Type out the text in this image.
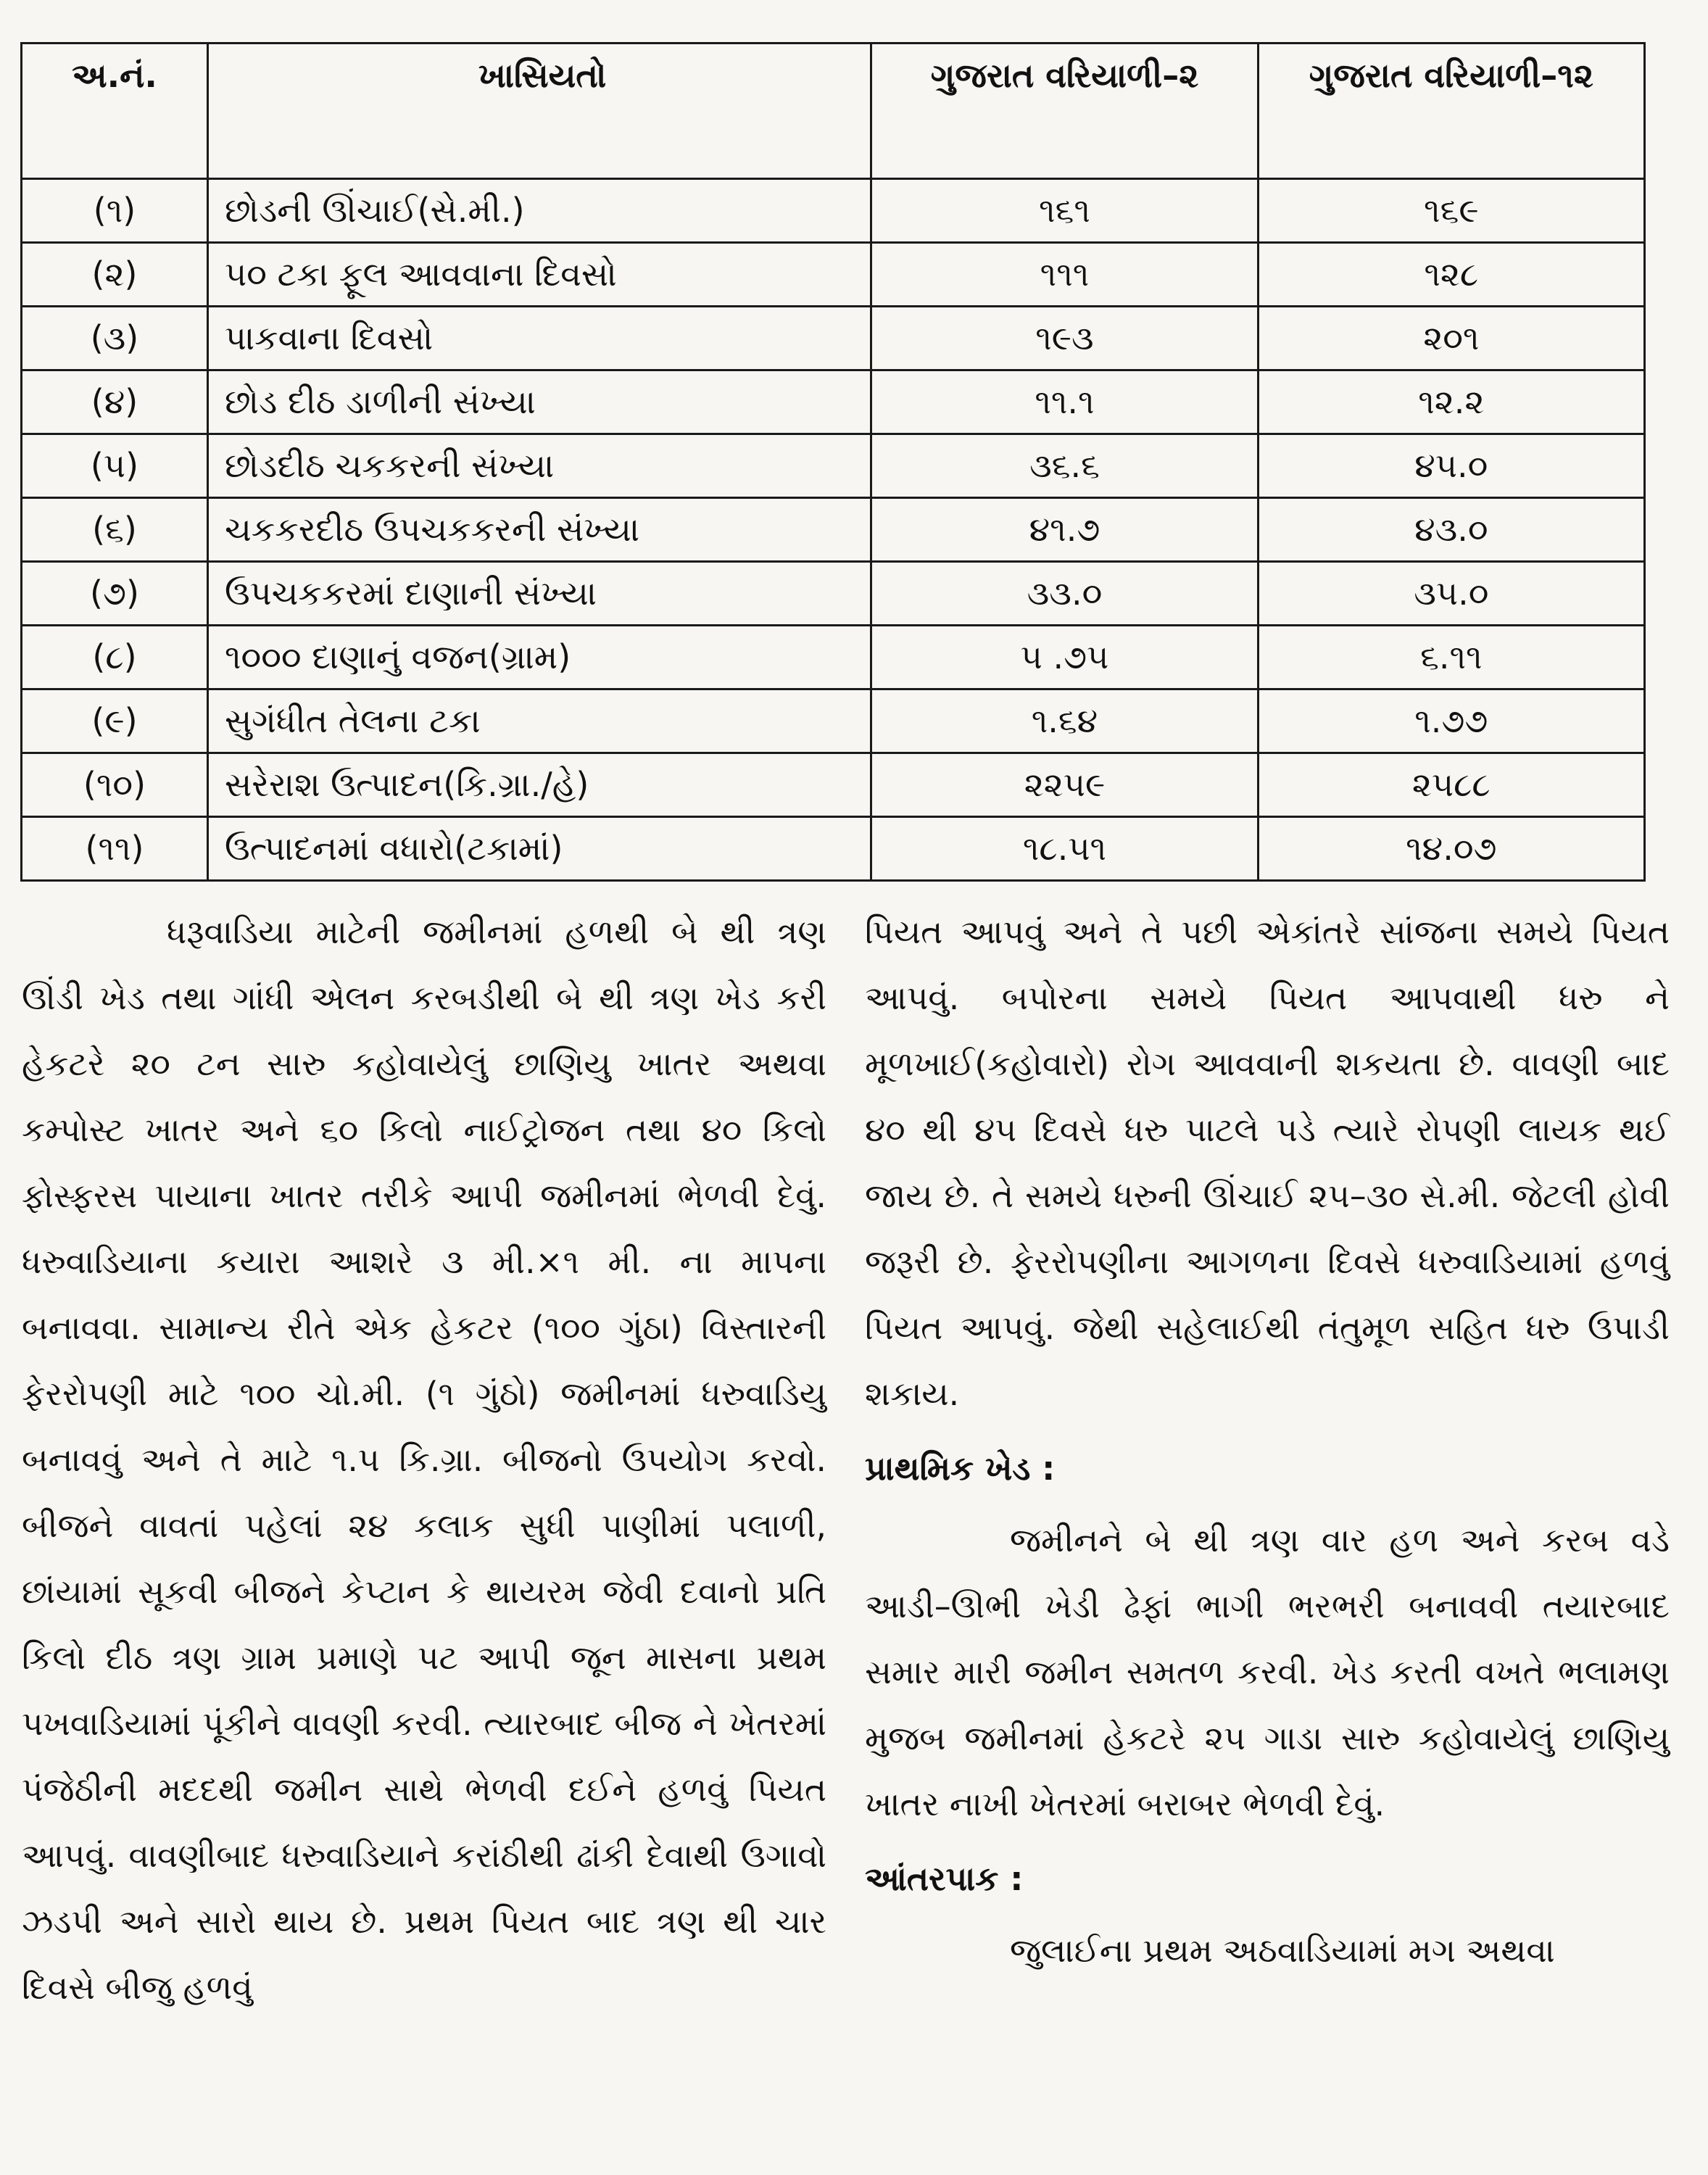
અ.નં.	ખાસિયતો	ગુજરાત વરિયાળી–૨	ગુજરાત વરિયાળી–૧૨
(૧)	છોડની ઊંચાઈ(સે.મી.)	૧૬૧	૧૬૯
(૨)	૫૦ ટકા ફૂલ આવવાના દિવસો	૧૧૧	૧૨૮
(૩)	પાકવાના દિવસો	૧૯૩	૨૦૧
(૪)	છોડ દીઠ ડાળીની સંખ્યા	૧૧.૧	૧૨.૨
(૫)	છોડદીઠ ચકકરની સંખ્યા	૩૬.૬	૪૫.૦
(૬)	ચકકરદીઠ ઉપચકકરની સંખ્યા	૪૧.૭	૪૩.૦
(૭)	ઉપચકકરમાં દાણાની સંખ્યા	૩૩.૦	૩૫.૦
(૮)	૧૦૦૦ દાણાનું વજન(ગ્રામ)	૫ .૭૫	૬.૧૧
(૯)	સુગંધીત તેલના ટકા	૧.૬૪	૧.૭૭
(૧૦)	સરેરાશ ઉત્પાદન(કિ.ગ્રા./હે)	૨૨૫૯	૨૫૮૮
(૧૧)	ઉત્પાદનમાં વધારો(ટકામાં)	૧૮.૫૧	૧૪.૦૭

ધરૂવાડિયા માટેની જમીનમાં હળથી બે થી ત્રણ ઊંડી ખેડ તથા ગાંધી એલન કરબડીથી બે થી ત્રણ ખેડ કરી હેકટરે ૨૦ ટન સારુ કહોવાયેલું છાણિયુ ખાતર અથવા કમ્પોસ્ટ ખાતર અને ૬૦ કિલો નાઈટ્રોજન તથા ૪૦ કિલો ફોસ્ફરસ પાયાના ખાતર તરીકે આપી જમીનમાં ભેળવી દેવું. ધરુવાડિયાના કયારા આશરે ૩ મી.×૧ મી. ના માપના બનાવવા. સામાન્ય રીતે એક હેકટર (૧૦૦ ગુંઠા) વિસ્તારની ફેરરોપણી માટે ૧૦૦ ચો.મી. (૧ ગુંઠો) જમીનમાં ધરુવાડિયુ બનાવવું અને તે માટે ૧.૫ કિ.ગ્રા. બીજનો ઉપયોગ કરવો. બીજને વાવતાં પહેલાં ૨૪ કલાક સુધી પાણીમાં પલાળી, છાંયામાં સૂકવી બીજને કેપ્ટાન કે થાયરમ જેવી દવાનો પ્રતિ કિલો દીઠ ત્રણ ગ્રામ પ્રમાણે પટ આપી જૂન માસના પ્રથમ પખવાડિયામાં પૂંકીને વાવણી કરવી. ત્યારબાદ બીજ ને ખેતરમાં પંજેઠીની મદદથી જમીન સાથે ભેળવી દઈને હળવું પિયત આપવું. વાવણીબાદ ધરુવાડિયાને કરાંઠીથી ઢાંકી દેવાથી ઉગાવો ઝડપી અને સારો થાય છે. પ્રથમ પિયત બાદ ત્રણ થી ચાર દિવસે બીજુ હળવું

પિયત આપવું અને તે પછી એકાંતરે સાંજના સમયે પિયત આપવું. બપોરના સમયે પિયત આપવાથી ધરુ ને મૂળખાઈ(કહોવારો) રોગ આવવાની શકયતા છે. વાવણી બાદ ૪૦ થી ૪૫ દિવસે ધરુ પાટલે પડે ત્યારે રોપણી લાયક થઈ જાય છે. તે સમયે ધરુની ઊંચાઈ ૨૫–૩૦ સે.મી. જેટલી હોવી જરૂરી છે. ફેરરોપણીના આગળના દિવસે ધરુવાડિયામાં હળવું પિયત આપવું. જેથી સહેલાઈથી તંતુમૂળ સહિત ધરુ ઉપાડી શકાય.

પ્રાથમિક ખેડ :

જમીનને બે થી ત્રણ વાર હળ અને કરબ વડે આડી–ઊભી ખેડી ઢેફાં ભાગી ભરભરી બનાવવી તયારબાદ સમાર મારી જમીન સમતળ કરવી. ખેડ કરતી વખતે ભલામણ મુજબ જમીનમાં હેકટરે ૨૫ ગાડા સારુ કહોવાયેલું છાણિયુ ખાતર નાખી ખેતરમાં બરાબર ભેળવી દેવું.

આંતરપાક :

જુલાઈના પ્રથમ અઠવાડિયામાં મગ અથવા
